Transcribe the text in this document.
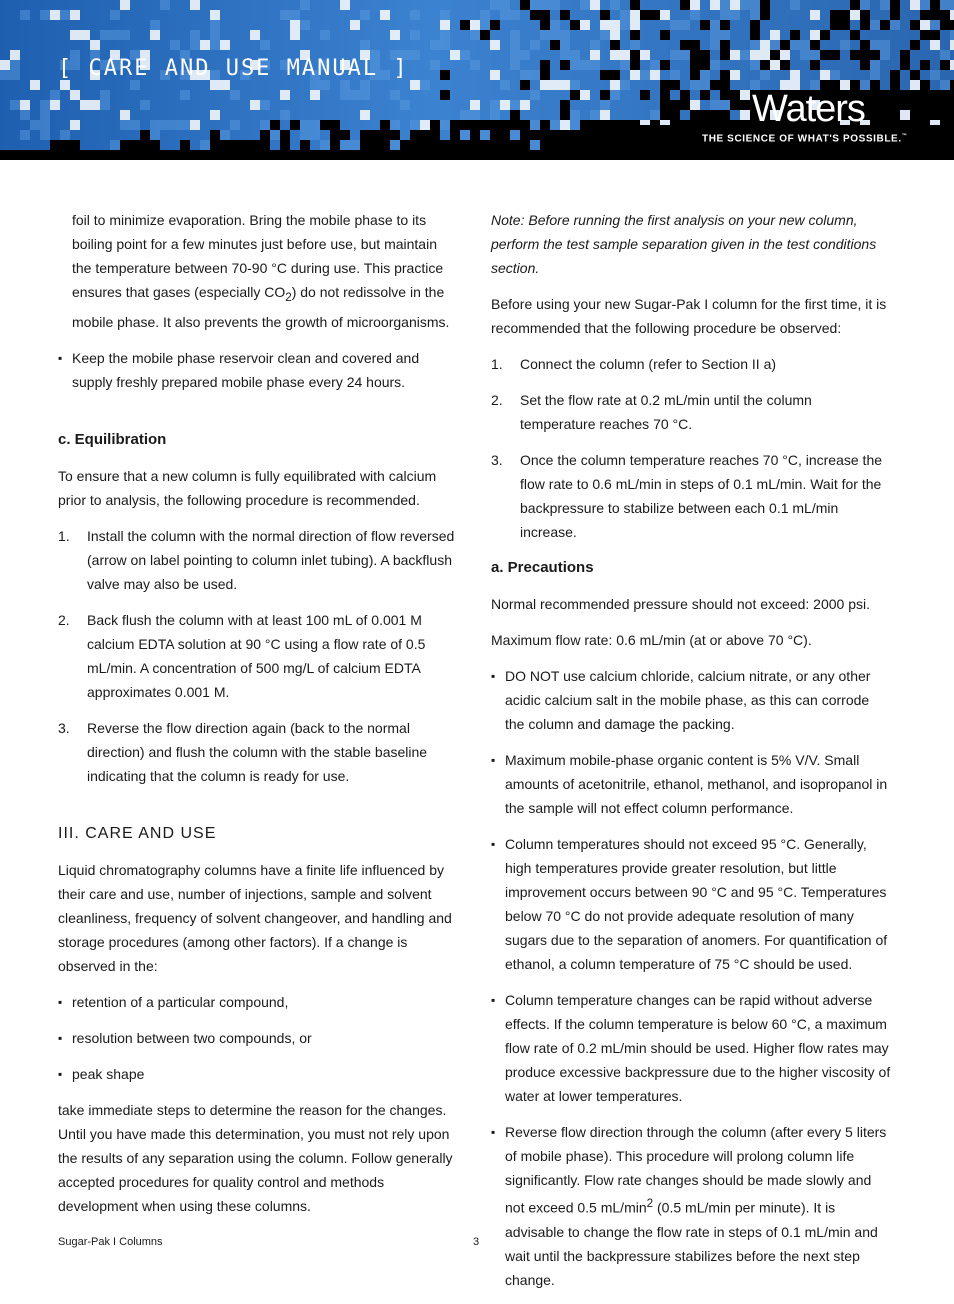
[ CARE AND USE MANUAL ]
Waters
THE SCIENCE OF WHAT'S POSSIBLE.™

foil to minimize evaporation. Bring the mobile phase to its boiling point for a few minutes just before use, but maintain the temperature between 70-90 °C during use. This practice ensures that gases (especially $CO_2$) do not redissolve in the mobile phase. It also prevents the growth of microorganisms.

▪ Keep the mobile phase reservoir clean and covered and supply freshly prepared mobile phase every 24 hours.
c. Equilibration

To ensure that a new column is fully equilibrated with calcium prior to analysis, the following procedure is recommended.

1. Install the column with the normal direction of flow reversed (arrow on label pointing to column inlet tubing). A backflush valve may also be used.
2. Back flush the column with at least 100 mL of 0.001 M calcium EDTA solution at 90 °C using a flow rate of 0.5 mL/min. A concentration of 500 mg/L of calcium EDTA approximates 0.001 M.
3. Reverse the flow direction again (back to the normal direction) and flush the column with the stable baseline indicating that the column is ready for use.
III. CARE AND USE

Liquid chromatography columns have a finite life influenced by their care and use, number of injections, sample and solvent cleanliness, frequency of solvent changeover, and handling and storage procedures (among other factors). If a change is observed in the:

▪ retention of a particular compound,
▪ resolution between two compounds, or
▪ peak shape

take immediate steps to determine the reason for the changes. Until you have made this determination, you must not rely upon the results of any separation using the column. Follow generally accepted procedures for quality control and methods development when using these columns.

Note: Before running the first analysis on your new column, perform the test sample separation given in the test conditions section.

Before using your new Sugar-Pak I column for the first time, it is recommended that the following procedure be observed:

1. Connect the column (refer to Section II a)
2. Set the flow rate at 0.2 mL/min until the column temperature reaches 70 °C.
3. Once the column temperature reaches 70 °C, increase the flow rate to 0.6 mL/min in steps of 0.1 mL/min. Wait for the backpressure to stabilize between each 0.1 mL/min increase.
a. Precautions

Normal recommended pressure should not exceed: 2000 psi.

Maximum flow rate: 0.6 mL/min (at or above 70 °C).

▪ DO NOT use calcium chloride, calcium nitrate, or any other acidic calcium salt in the mobile phase, as this can corrode the column and damage the packing.
▪ Maximum mobile-phase organic content is 5% V/V. Small amounts of acetonitrile, ethanol, methanol, and isopropanol in the sample will not effect column performance.
▪ Column temperatures should not exceed 95 °C. Generally, high temperatures provide greater resolution, but little improvement occurs between 90 °C and 95 °C. Temperatures below 70 °C do not provide adequate resolution of many sugars due to the separation of anomers. For quantification of ethanol, a column temperature of 75 °C should be used.
▪ Column temperature changes can be rapid without adverse effects. If the column temperature is below 60 °C, a maximum flow rate of 0.2 mL/min should be used. Higher flow rates may produce excessive backpressure due to the higher viscosity of water at lower temperatures.
▪ Reverse flow direction through the column (after every 5 liters of mobile phase). This procedure will prolong column life significantly. Flow rate changes should be made slowly and not exceed 0.5 $mL/\min^2$ (0.5 mL/min per minute). It is advisable to change the flow rate in steps of 0.1 mL/min and wait until the backpressure stabilizes before the next step change.
Sugar-Pak I Columns	3
